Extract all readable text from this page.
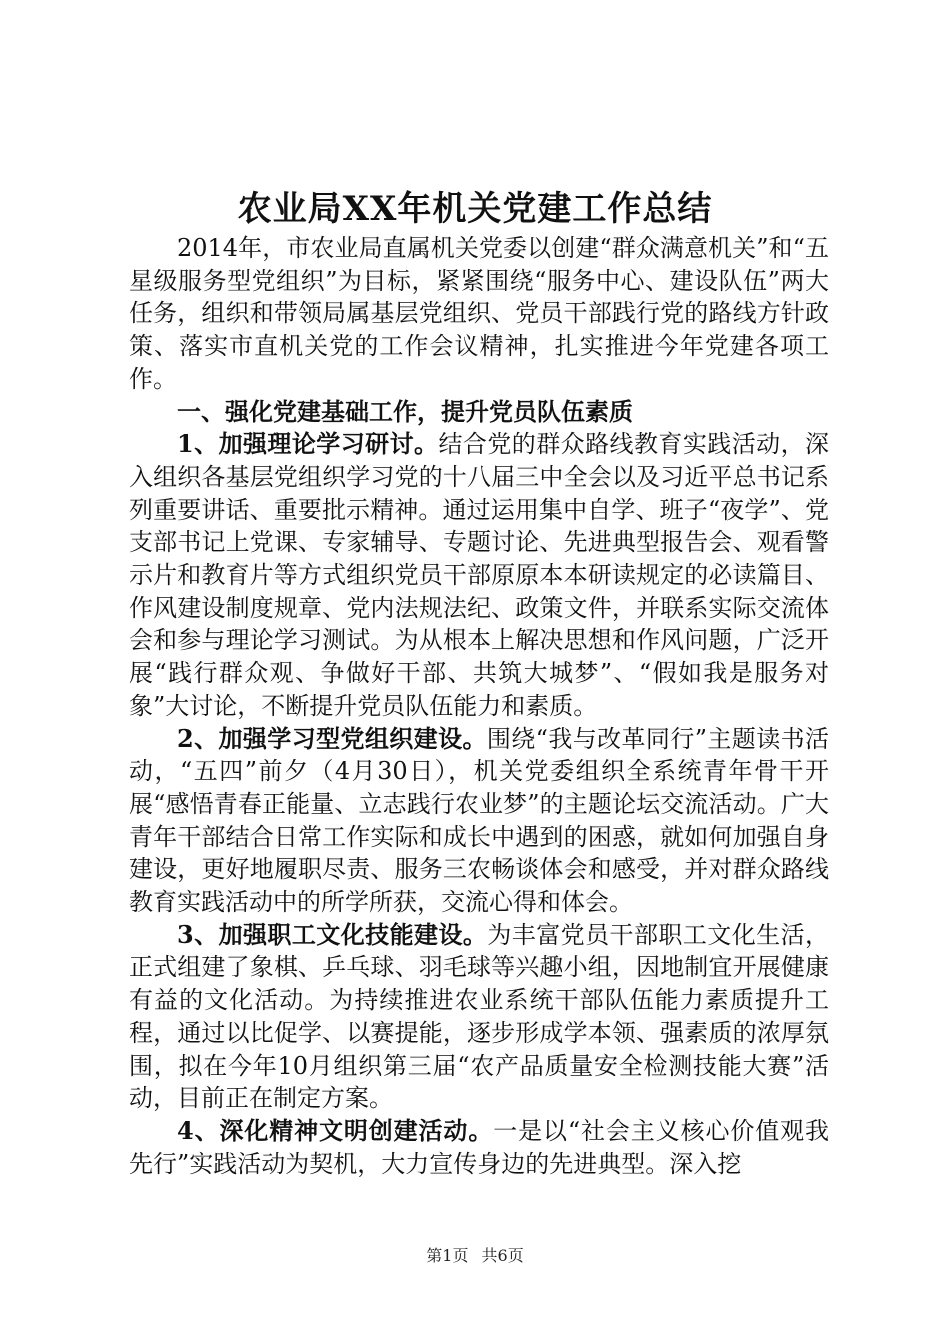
农业局XX年机关党建工作总结

2014年，市农业局直属机关党委以创建“群众满意机关”和“五星级服务型党组织”为目标，紧紧围绕“服务中心、建设队伍”两大任务，组织和带领局属基层党组织、党员干部践行党的路线方针政策、落实市直机关党的工作会议精神，扎实推进今年党建各项工作。

一、强化党建基础工作，提升党员队伍素质

1、加强理论学习研讨。结合党的群众路线教育实践活动，深入组织各基层党组织学习党的十八届三中全会以及习近平总书记系列重要讲话、重要批示精神。通过运用集中自学、班子“夜学”、党支部书记上党课、专家辅导、专题讨论、先进典型报告会、观看警示片和教育片等方式组织党员干部原原本本研读规定的必读篇目、作风建设制度规章、党内法规法纪、政策文件，并联系实际交流体会和参与理论学习测试。为从根本上解决思想和作风问题，广泛开展“践行群众观、争做好干部、共筑大城梦”、“假如我是服务对象”大讨论，不断提升党员队伍能力和素质。

2、加强学习型党组织建设。围绕“我与改革同行”主题读书活动，“五四”前夕（4月30日），机关党委组织全系统青年骨干开展“感悟青春正能量、立志践行农业梦”的主题论坛交流活动。广大青年干部结合日常工作实际和成长中遇到的困惑，就如何加强自身建设，更好地履职尽责、服务三农畅谈体会和感受，并对群众路线教育实践活动中的所学所获，交流心得和体会。

3、加强职工文化技能建设。为丰富党员干部职工文化生活，正式组建了象棋、乒乓球、羽毛球等兴趣小组，因地制宜开展健康有益的文化活动。为持续推进农业系统干部队伍能力素质提升工程，通过以比促学、以赛提能，逐步形成学本领、强素质的浓厚氛围，拟在今年10月组织第三届“农产品质量安全检测技能大赛”活动，目前正在制定方案。

4、深化精神文明创建活动。一是以“社会主义核心价值观我先行”实践活动为契机，大力宣传身边的先进典型。深入挖

第1页 共6页
